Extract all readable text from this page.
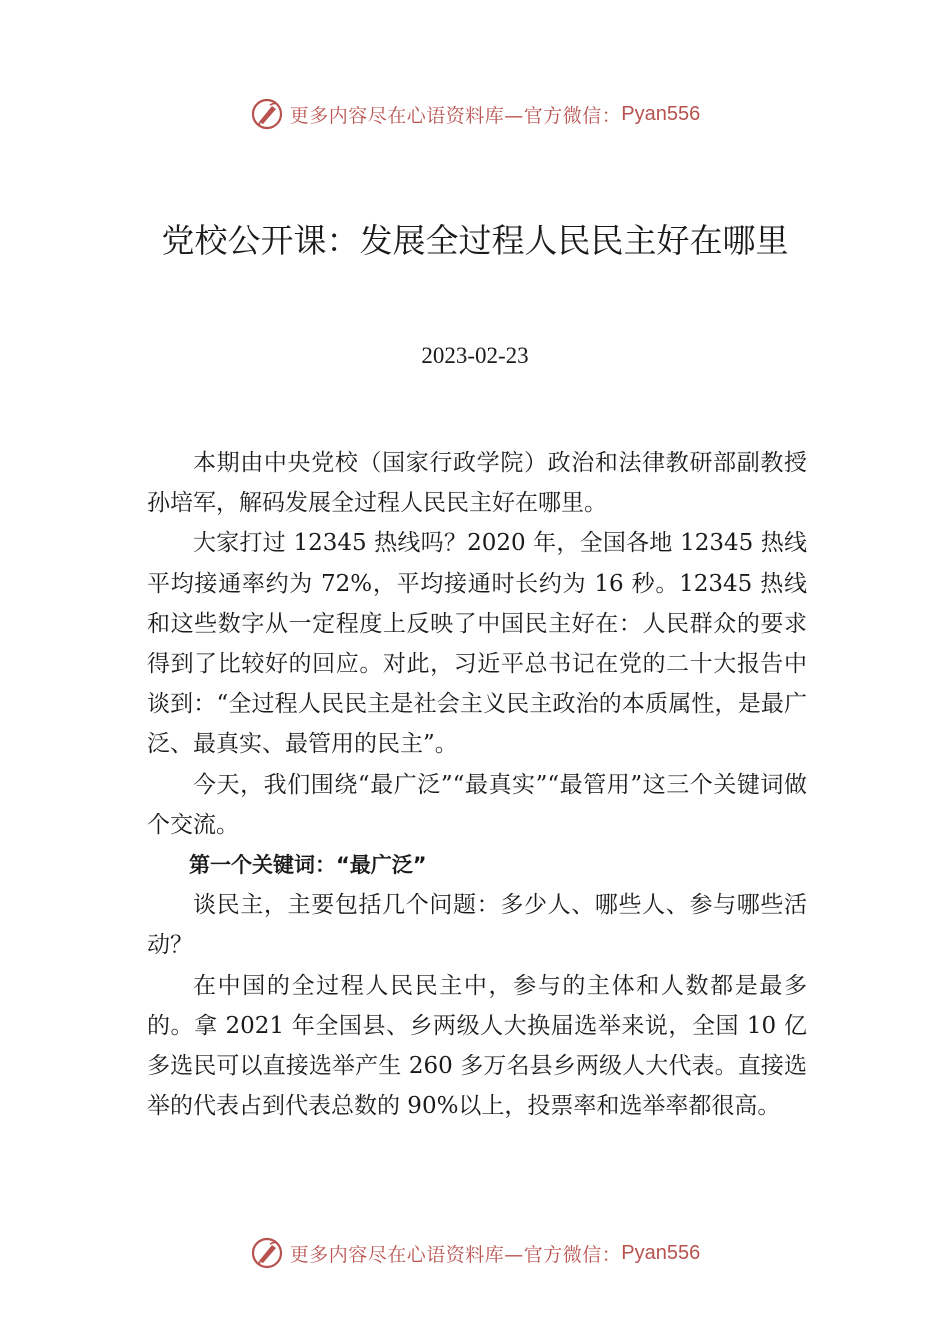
更多内容尽在心语资料库 —官方微信： Pyan556
党校公开课：发展全过程人民民主好在哪里
2023-02-23

本期由中央党校（国家行政学院）政治和法律教研部副教授孙培军，解码发展全过程人民民主好在哪里。

大家打过 12345 热线吗？2020 年，全国各地 12345 热线平均接通率约为 72%，平均接通时长约为 16 秒。12345 热线和这些数字从一定程度上反映了中国民主好在：人民群众的要求得到了比较好的回应。对此，习近平总书记在党的二十大报告中谈到：“全过程人民民主是社会主义民主政治的本质属性，是最广泛、最真实、最管用的民主”。

今天，我们围绕“最广泛”“最真实”“最管用”这三个关键词做个交流。

第一个关键词：“最广泛”

谈民主，主要包括几个问题：多少人、哪些人、参与哪些活动？

在中国的全过程人民民主中，参与的主体和人数都是最多的。拿 2021 年全国县、乡两级人大换届选举来说，全国 10 亿多选民可以直接选举产生 260 多万名县乡两级人大代表。直接选举的代表占到代表总数的 90%以上，投票率和选举率都很高。

更多内容尽在心语资料库 —官方微信： Pyan556
